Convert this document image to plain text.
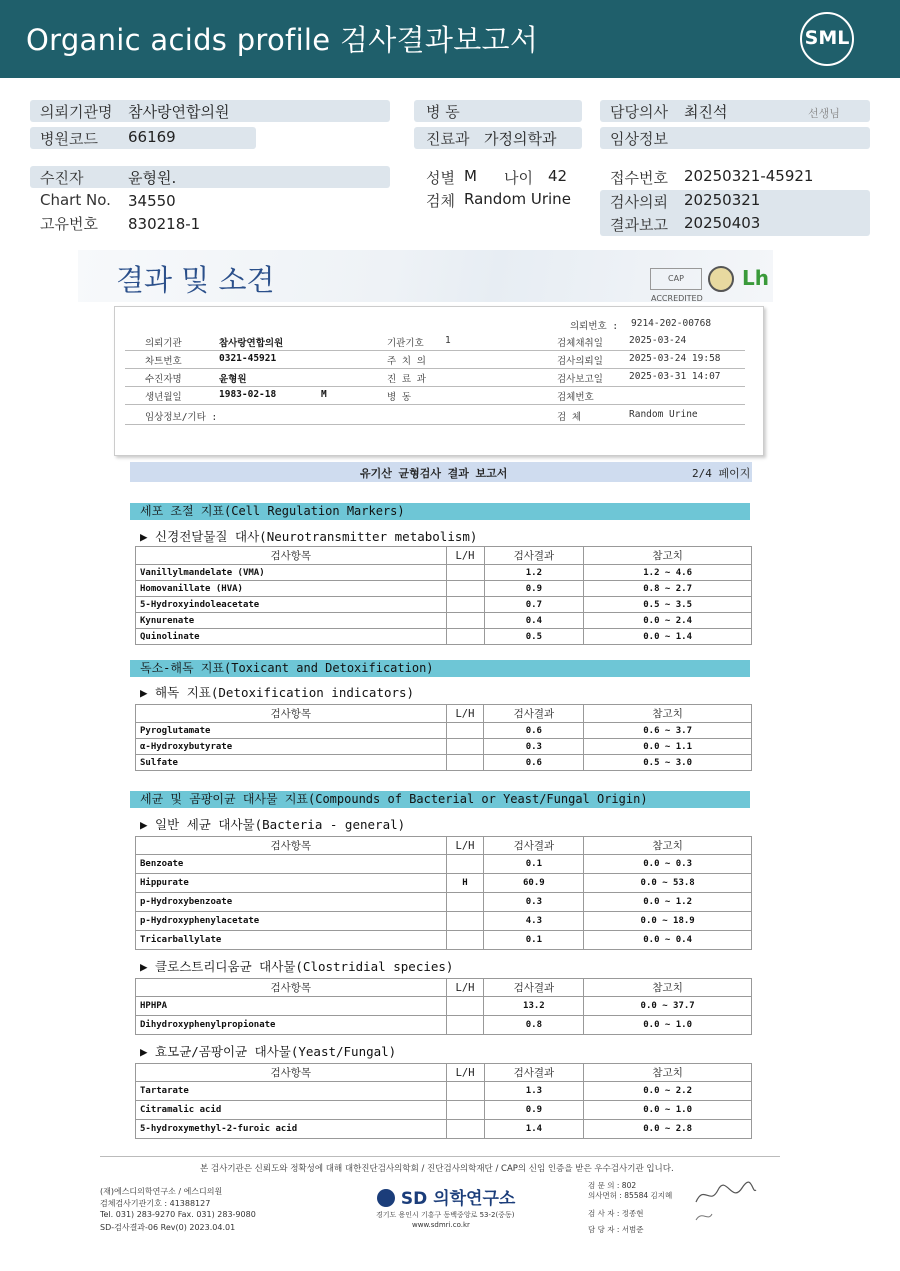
Organic acids profile 검사결과보고서	SML
의뢰기관명 참사랑연합의원
병원코드 66169
병 동
진료과 가정의학과
담당의사 최진석	선생님
임상정보
수진자	윤형원.
Chart No. 34550
고유번호 830218-1
성별 M 나이 42
검체 Random Urine
접수번호 20250321-45921
검사의뢰 20250321
결과보고 20250403
결과 및 소견	CAP ACCREDITED
Lh
의뢰번호 : 9214-202-00768
의뢰기관	참사랑연합의원	기관기호 1	검체채취일	2025-03-24
차트번호	0321-45921	주 치 의	검사의뢰일	2025-03-24 19:58
수진자명	윤형원	진 료 과	검사보고일	2025-03-31 14:07
생년월일	1983-02-18	M	병 동	검체번호
임상정보/기타 :	검 체	Random Urine
유기산 균형검사 결과 보고서	2/4 페이지
세포 조절 지표(Cell Regulation Markers)
▶ 신경전달물질 대사(Neurotransmitter metabolism)
검사항목	L/H	검사결과	참고치
Vanillylmandelate (VMA)		1.2	1.2 ~ 4.6
Homovanillate (HVA)		0.9	0.8 ~ 2.7
5-Hydroxyindoleacetate		0.7	0.5 ~ 3.5
Kynurenate		0.4	0.0 ~ 2.4
Quinolinate		0.5	0.0 ~ 1.4
독소-해독 지표(Toxicant and Detoxification)
▶ 해독 지표(Detoxification indicators)
검사항목	L/H	검사결과	참고치
Pyroglutamate		0.6	0.6 ~ 3.7
α-Hydroxybutyrate		0.3	0.0 ~ 1.1
Sulfate		0.6	0.5 ~ 3.0
세균 및 곰팡이균 대사물 지표(Compounds of Bacterial or Yeast/Fungal Origin)
▶ 일반 세균 대사물(Bacteria - general)
검사항목	L/H	검사결과	참고치
Benzoate		0.1	0.0 ~ 0.3
Hippurate	H	60.9	0.0 ~ 53.8
p-Hydroxybenzoate		0.3	0.0 ~ 1.2
p-Hydroxyphenylacetate		4.3	0.0 ~ 18.9
Tricarballylate		0.1	0.0 ~ 0.4
▶ 클로스트리디움균 대사물(Clostridial species)
검사항목	L/H	검사결과	참고치
HPHPA		13.2	0.0 ~ 37.7
Dihydroxyphenylpropionate		0.8	0.0 ~ 1.0
▶ 효모균/곰팡이균 대사물(Yeast/Fungal)
검사항목	L/H	검사결과	참고치
Tartarate		1.3	0.0 ~ 2.2
Citramalic acid		0.9	0.0 ~ 1.0
5-hydroxymethyl-2-furoic acid		1.4	0.0 ~ 2.8
본 검사기관은 신뢰도와 정확성에 대해 대한진단검사의학회 / 진단검사의학재단 / CAP의 신임 인증을 받은 우수검사기관 입니다.
(재)에스디의학연구소 / 에스디의원
검체검사기관기호 : 41388127
Tel. 031) 283-9270 Fax. 031) 283-9080
SD-검사결과-06 Rev(0) 2023.04.01
SD 의학연구소
경기도 용인시 기흥구 동백중앙로 53-2(중동)
www.sdmri.co.kr
검 문 의 : 802
의사면허 : 85584 김지혜
검 사 자 : 정종현
담 당 자 : 서범준
